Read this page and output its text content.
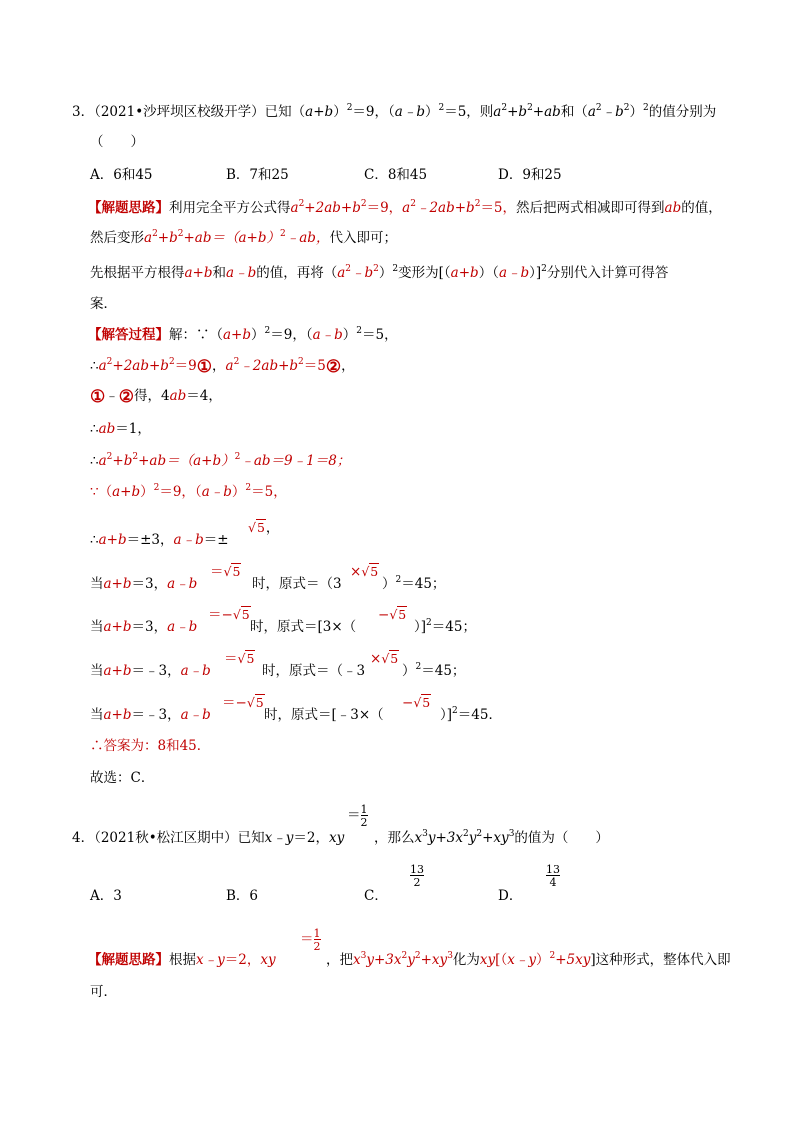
3．（2021•沙坪坝区校级开学）已知$(a+b)^2=9$，（a﹣b）$^2$＝5，则$a^2+b^2+ab$和$(a^2﹣b^2)^2$的值分别为
（　　）
A．6和45	B．7和25	C．8和45	D．9和25
【解题思路】利用完全平方公式得$a^2+2ab+b^2=9$，$a^2﹣2ab+b^2=5$，然后把两式相减即可得到ab的值，
然后变形$a^2+b^2+ab=(a+b)^2﹣ab$，代入即可；
先根据平方根得a+b和a﹣b的值，再将$(a^2﹣b^2)^2$变形为[（a+b）（a﹣b）]$^2$分别代入计算可得答
案．
【解答过程】解：$\because(a+b)^2=9$，（a﹣b）$^2$＝5，
$\therefore a^2+2ab+b^2=9①$，$a^2﹣2ab+b^2=5②$，
①﹣②得，4ab＝4，
∴ab＝1，
$\therefore a^2+b^2+ab=(a+b)^2﹣ab=9﹣1=8$；
$\because(a+b)^2=9$，（a﹣b）$^2$＝5，
∴a+b＝±3，a﹣b＝±
√5，
当a+b＝3，a﹣b
＝√5
时，原式＝（3
×√5
）$^2$＝45；
当a+b＝3，a﹣b
＝−√5
时，原式＝[3×（
−√5
）]$^2$＝45；
当a+b＝﹣3，a﹣b
＝√5
时，原式＝（﹣3
×√5
）$^2$＝45；
当a+b＝﹣3，a﹣b
＝−√5
时，原式＝[﹣3×（
−√5
）]$^2$＝45．
∴答案为：8和45．
故选：C．
4．（2021秋•松江区期中）已知x﹣y＝2，xy
＝ $\frac{1}{2}$
，那么$x^3y+3x^2y^2+xy^3$的值为（　　）
A．3	B．6	C．
$\frac{13}{2}$
D．
$\frac{13}{4}$
【解题思路】根据x﹣y＝2，xy
＝ $\frac{1}{2}$
，把$x^3y+3x^2y^2+xy^3$化为xy[（x﹣y）$^2$+5xy]这种形式，整体代入即
可．
